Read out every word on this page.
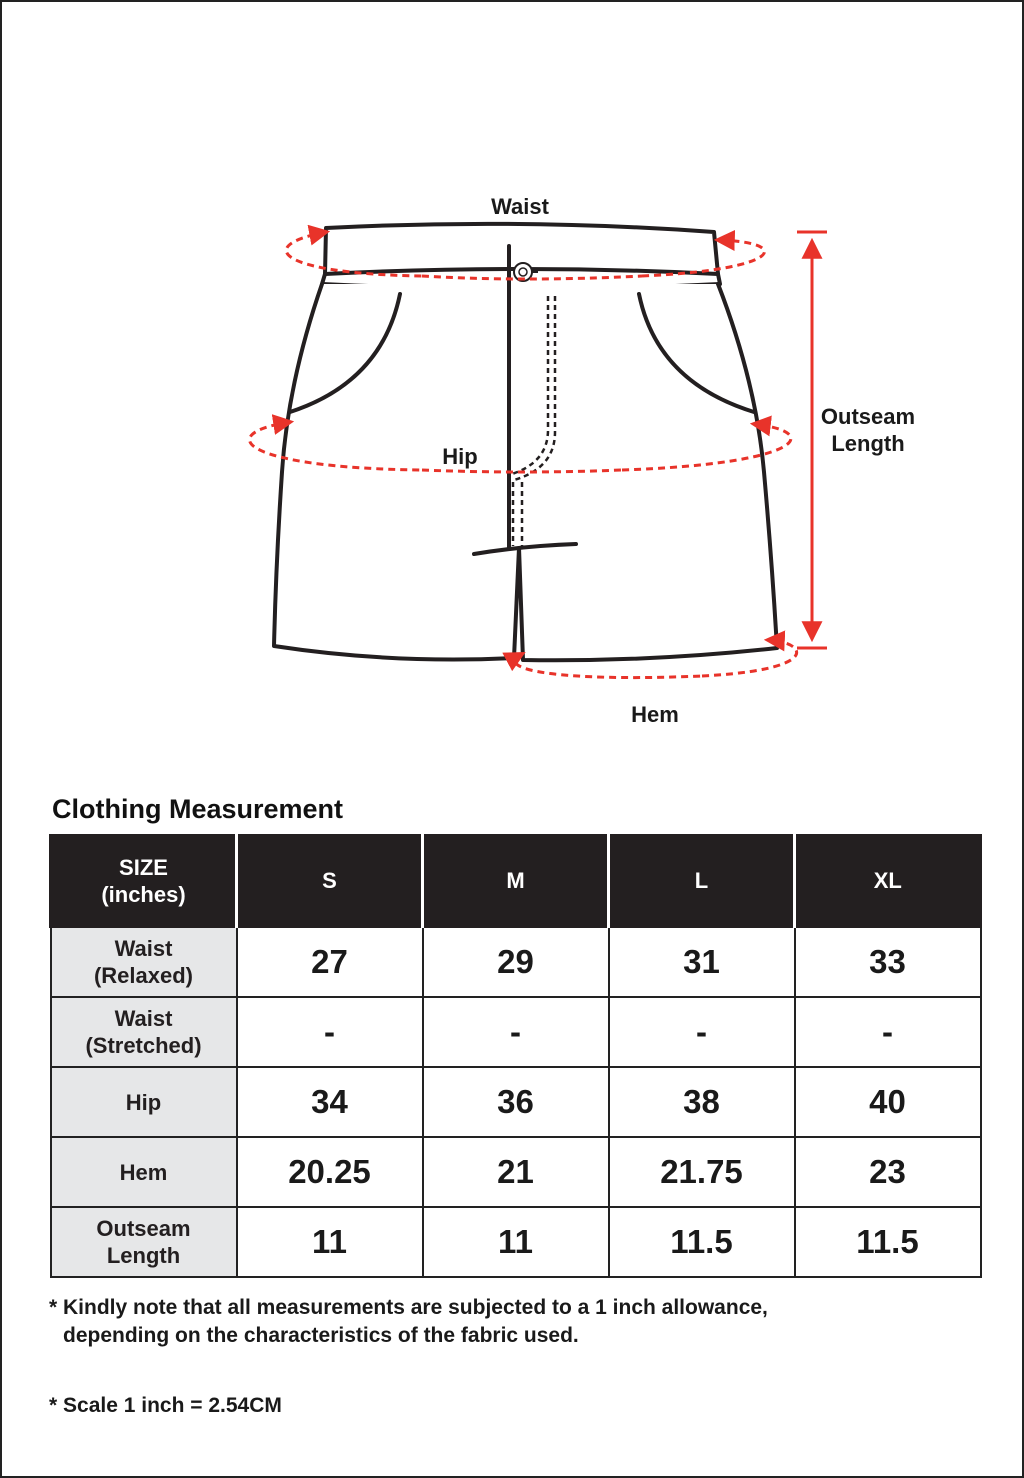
Waist
Hip
Outseam
Length
Hem
Clothing Measurement
SIZE
(inches)	S	M	L	XL

Waist
(Relaxed)	27	29	31	33

Waist
(Stretched)	-	-	-	-

Hip	34	36	38	40

Hem	20.25	21	21.75	23

Outseam
Length	11	11	11.5	11.5

* Kindly note that all measurements are subjected to a 1 inch allowance,

depending on the characteristics of the fabric used.

* Scale 1 inch = 2.54CM
